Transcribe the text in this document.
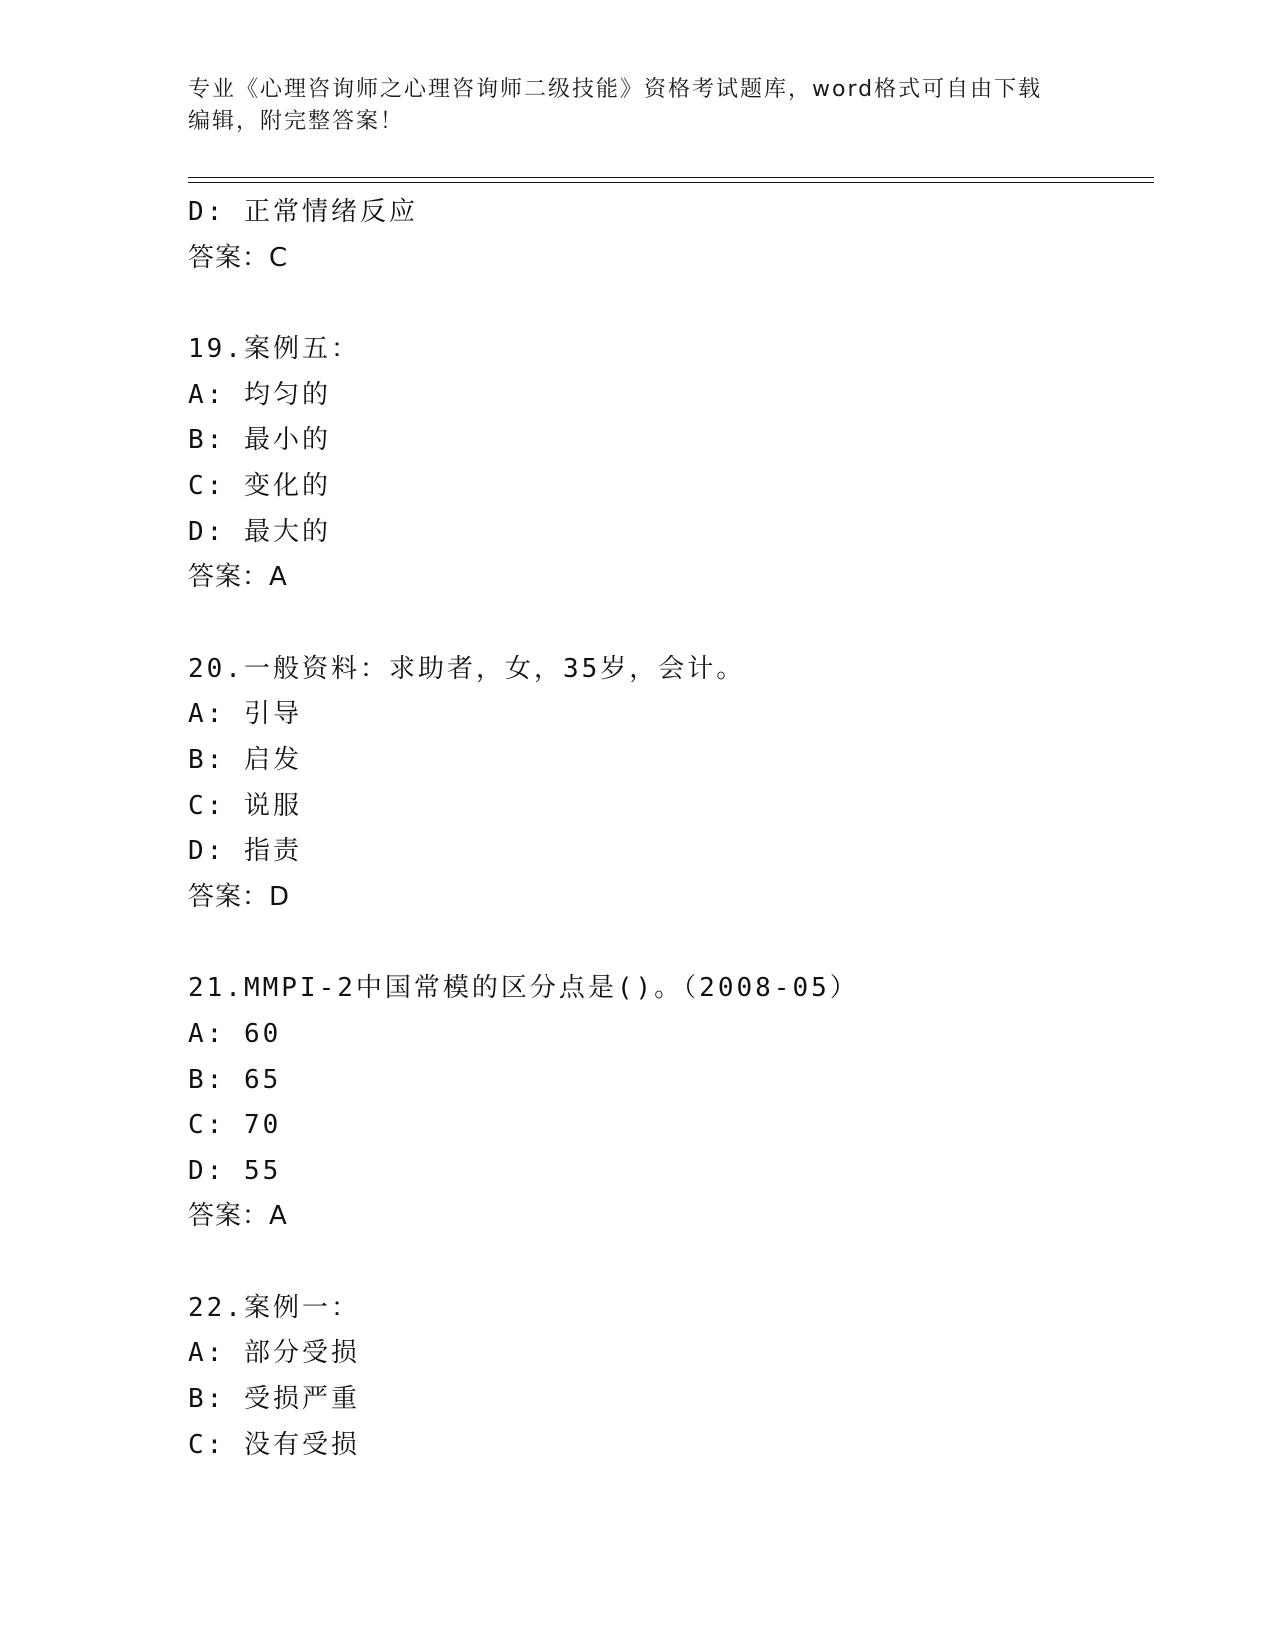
专业《心理咨询师之心理咨询师二级技能》资格考试题库，word格式可自由下载
编辑，附完整答案！
D: 正常情绪反应
答案：C
19.案例五：
A: 均匀的
B: 最小的
C: 变化的
D: 最大的
答案：A
20.一般资料：求助者，女，35岁，会计。
A: 引导
B: 启发
C: 说服
D: 指责
答案：D
21.MMPI-2中国常模的区分点是()。（2008-05）
A: 60
B: 65
C: 70
D: 55
答案：A
22.案例一：
A: 部分受损
B: 受损严重
C: 没有受损
